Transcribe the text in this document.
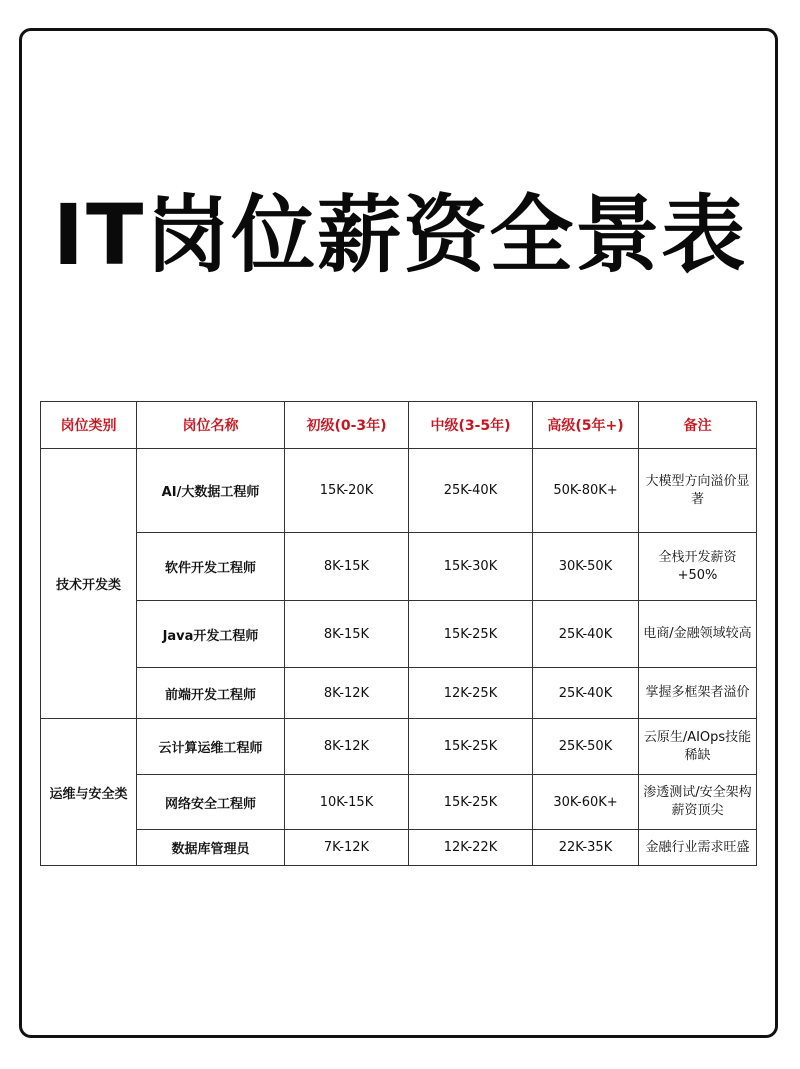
IT岗位薪资全景表
岗位类别	岗位名称	初级(0-3年)	中级(3-5年)	高级(5年+)	备注
技术开发类	AI/大数据工程师	15K-20K	25K-40K	50K-80K+	大模型方向溢价显著
	软件开发工程师	8K-15K	15K-30K	30K-50K	全栈开发薪资+50%
	Java开发工程师	8K-15K	15K-25K	25K-40K	电商/金融领域较高
	前端开发工程师	8K-12K	12K-25K	25K-40K	掌握多框架者溢价
运维与安全类	云计算运维工程师	8K-12K	15K-25K	25K-50K	云原生/AIOps技能稀缺
	网络安全工程师	10K-15K	15K-25K	30K-60K+	渗透测试/安全架构薪资顶尖
	数据库管理员	7K-12K	12K-22K	22K-35K	金融行业需求旺盛
